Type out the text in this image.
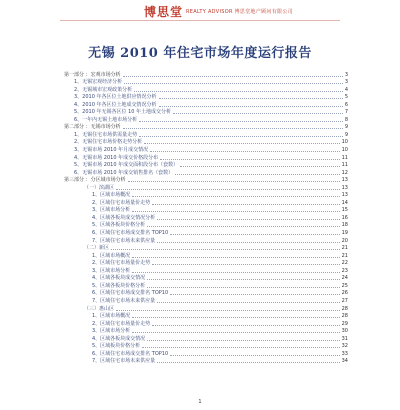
博思堂 REALTY ADVISOR 博思堂地产顾问有限公司
无锡 2010 年住宅市场年度运行报告
第一部分 ：宏观市场分析	3
1、无锡宏观经济分析	3
2、无锡城市宏观政策分析	4
3、2010 年各区位土地供应情况分析	5
4、2010 年各区位土地成交情况分析	6
5、2010 年无锡各区位 10 年土地成交分析	7
6、一年内无锡土地市场分析	8
第二部分 ：无锡市场分析	9
1、无锡住宅市场供需量走势	9
2、无锡住宅市场价格走势分析	10
3、无锡市场 2010 年月成交情况	10
4、无锡市场 2010 年成交价格段分布	11
5、无锡市场 2010 年成交面积段分布（套数）	11
6、无锡市场 2010 年成交销售排名（套数）	12
第三部分 ：分区域市场分析	13
（一）滨湖区	13
1、区域市场概况	13
2、区域住宅市场量价走势	14
3、区域市场分析	15
4、区域各板块成交情况分析	16
5、区域各板块价格分析	18
6、区域住宅市场成交排名 TOP10	19
7、区域住宅市场未来供应量	20
（二）新区	21
1、区域市场概况	21
2、区域住宅市场量价走势	22
3、区域市场分析	23
4、区域各板块成交情况	24
5、区域各板块价格分析	25
6、区域住宅市场成交排名 TOP10	26
7、区域住宅市场未来供应量	27
（三）惠山区	28
1、区域市场概况	28
2、区域住宅市场量价走势	29
3、区域市场分析	30
4、区域各板块成交情况	31
5、区域板块价格分析	32
6、区域住宅市场成交排名 TOP10	33
7、区域住宅市场未来供应量	34
1
